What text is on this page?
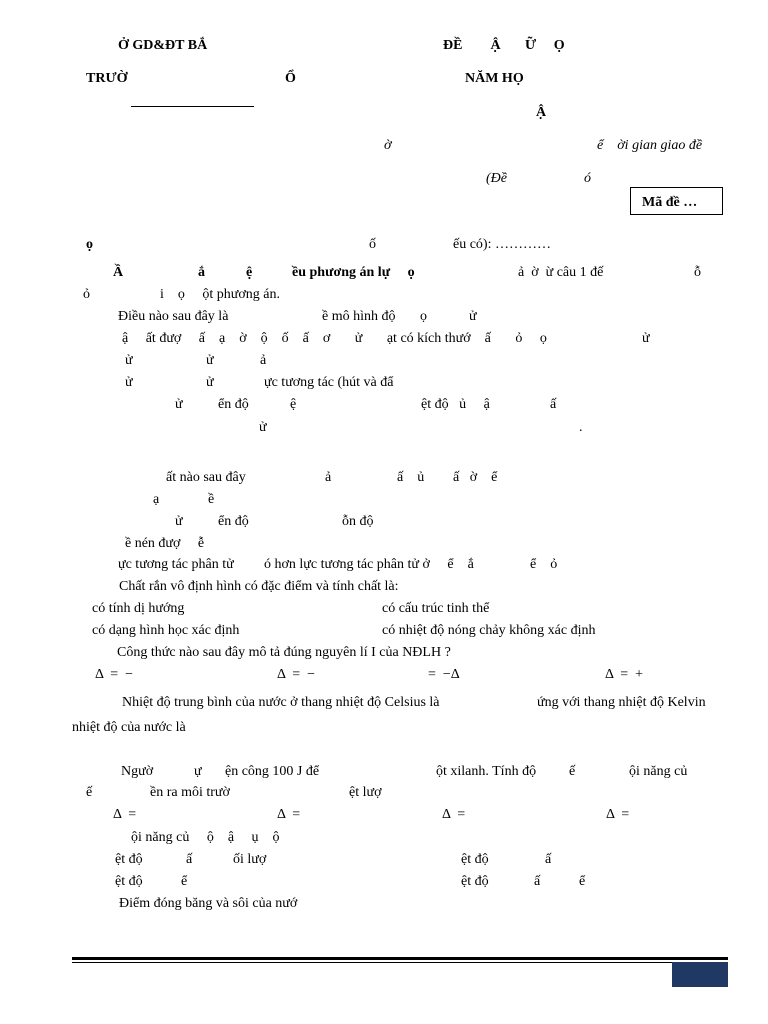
Ở GD&ĐT BẮ	ĐỀ        Ậ       Ữ     Ọ
TRƯỜ	Ổ	NĂM HỌ
Ậ
ờ	ể    ời gian giao đề
(Đề	ó
Mã đề …
ọ	ố	ếu có): …………
Ầ	ắ	ệ	ều phương án lự     ọ	ả  ờ  ừ câu 1 đế	ỗ
ỏ	i    ọ     ột phương án.
Điều nào sau đây là	ề mô hình độ       ọ            ử
ậ     ất đượ     ấ    ạ    ờ    ộ    ố    ấ    ơ       ử       ạt có kích thướ    ấ       ỏ     ọ	ử
ử	ử	ả
ử	ử	ực tương tác (hút và đẩ
ử	ển độ	ệ	ệt độ   ủ     ậ	ấ
ử	.
ất nào sau đây	ả	ấ    ủ ấ   ờ    ể
ạ	ề
ử	ển độ	ỗn độ
ề nén đượ     ễ
ực tương tác phân tử ó hơn lực tương tác phân tử ở     ể    ắ	ể    ỏ
Chất rắn vô định hình có đặc điểm và tính chất là:
có tính dị hướng	có cấu trúc tinh thể
có dạng hình học xác định	có nhiệt độ nóng chảy không xác định
Công thức nào sau đây mô tả đúng nguyên lí I của NĐLH ?
Δ  =  −	Δ  =  −	=  −Δ	Δ  =  +
Nhiệt độ trung bình của nước ở thang nhiệt độ Celsius là	ứng với thang nhiệt độ Kelvin
nhiệt độ của nước là
Ngườ	ự ện công 100 J để	ột xilanh. Tính độ ế	ội năng củ
ế	ền ra môi trườ	ệt lượ
Δ  =	Δ  =	Δ  =	Δ  =
ội năng củ     ộ    ậ     ụ    ộ
ệt độ	ấ	ối lượ	ệt độ	ấ
ệt độ	ể	ệt độ	ấ	ể
Điểm đóng băng và sôi của nướ
